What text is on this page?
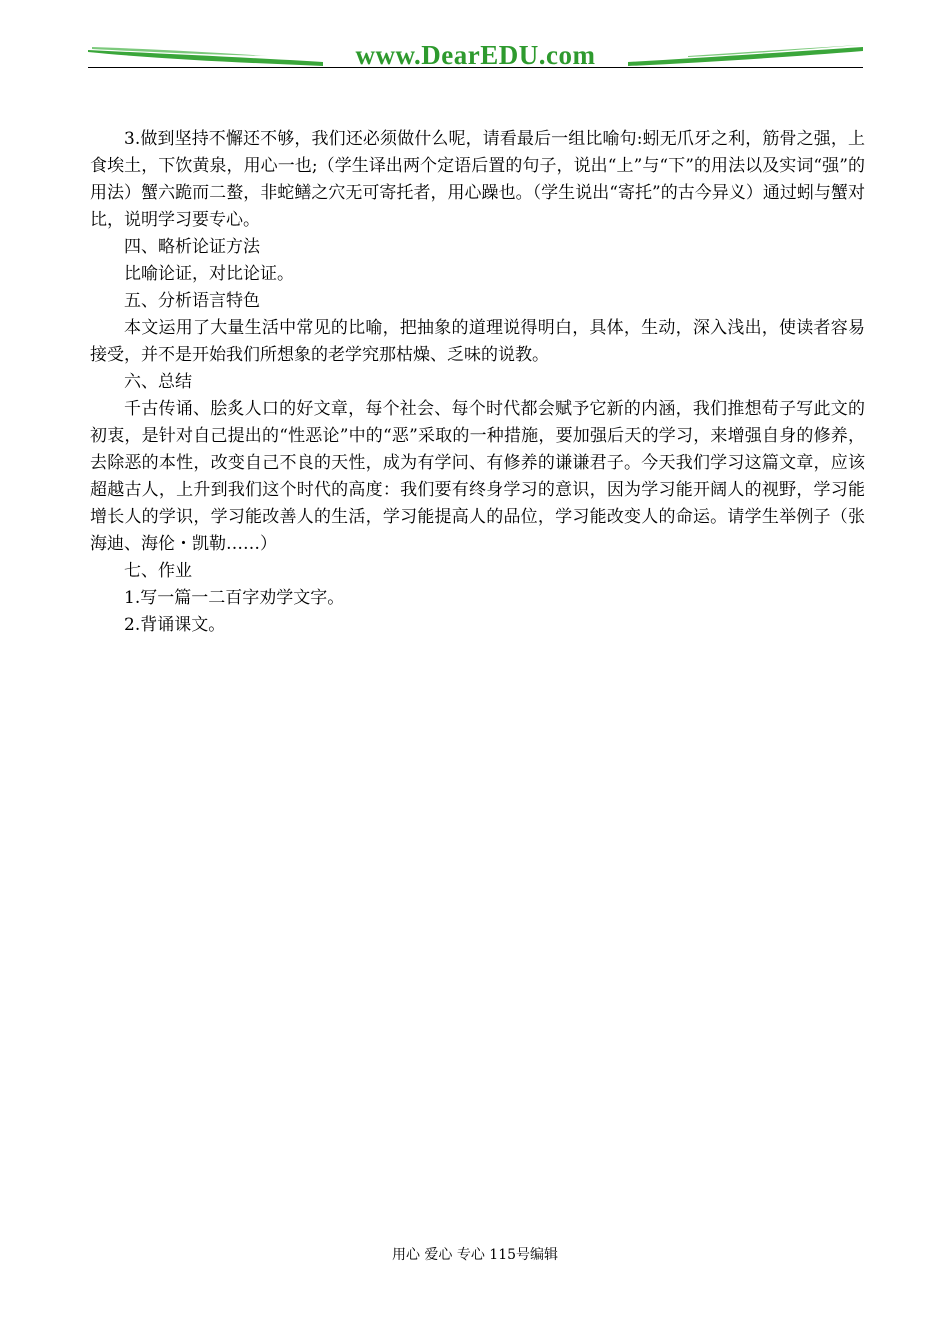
www.DearEDU.com

3.做到坚持不懈还不够，我们还必须做什么呢，请看最后一组比喻句:蚓无爪牙之利，筋骨之强，上食埃土，下饮黄泉，用心一也;（学生译出两个定语后置的句子，说出“上”与“下”的用法以及实词“强”的用法）蟹六跪而二螯，非蛇鳝之穴无可寄托者，用心躁也。（学生说出“寄托”的古今异义）通过蚓与蟹对比，说明学习要专心。

四、略析论证方法

比喻论证，对比论证。

五、分析语言特色

本文运用了大量生活中常见的比喻，把抽象的道理说得明白，具体，生动，深入浅出，使读者容易接受，并不是开始我们所想象的老学究那枯燥、乏味的说教。

六、总结

千古传诵、脍炙人口的好文章，每个社会、每个时代都会赋予它新的内涵，我们推想荀子写此文的初衷，是针对自己提出的“性恶论”中的“恶”采取的一种措施，要加强后天的学习，来增强自身的修养，去除恶的本性，改变自己不良的天性，成为有学问、有修养的谦谦君子。今天我们学习这篇文章，应该超越古人，上升到我们这个时代的高度：我们要有终身学习的意识，因为学习能开阔人的视野，学习能增长人的学识，学习能改善人的生活，学习能提高人的品位，学习能改变人的命运。请学生举例子（张海迪、海伦・凯勒……）

七、作业

1.写一篇一二百字劝学文字。

2.背诵课文。

用心 爱心 专心 115号编辑
